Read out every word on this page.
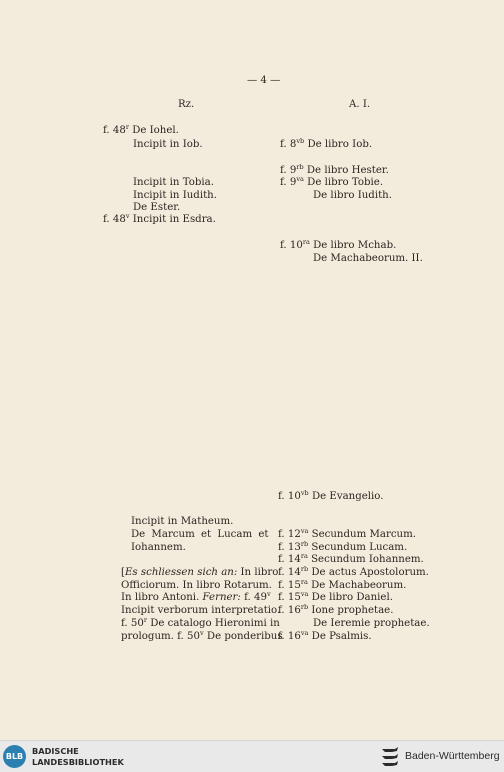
— 4 —
Rz.	A. I.
f. 48$^r$ De Iohel.
Incipit in Iob.
Incipit in Tobia.
Incipit in Iudith.
De Ester.
f. 48$^v$ Incipit in Esdra.
Incipit in Matheum.
De Marcum et Lucam et
Iohannem.
[Es schliessen sich an: In libro
Officiorum. In libro Rotarum.
In libro Antoni. Ferner: f. 49$^v$
Incipit verborum interpretatio.
f. 50$^r$ De catalogo Hieronimi in
prologum. f. 50$^v$ De ponderibus
f. $8^{vb}$ De libro Iob.
f. $9^{rb}$ De libro Hester.
f. $9^{va}$ De libro Tobie.
De libro Iudith.
f. $10^{ra}$ De libro Mchab.
De Machabeorum. II.
f. $10^{vb}$ De Evangelio.
f. $12^{va}$ Secundum Marcum.
f. $13^{rb}$ Secundum Lucam.
f. $14^{ra}$ Secundum Iohannem.
f. $14^{rb}$ De actus Apostolorum.
f. $15^{ra}$ De Machabeorum.
f. $15^{va}$ De libro Daniel.
f. $16^{rb}$ Ione prophetae.
De Ieremie prophetae.
f. $16^{va}$ De Psalmis.
BLB
BADISCHE
LANDESBIBLIOTHEK	Baden-Württemberg
